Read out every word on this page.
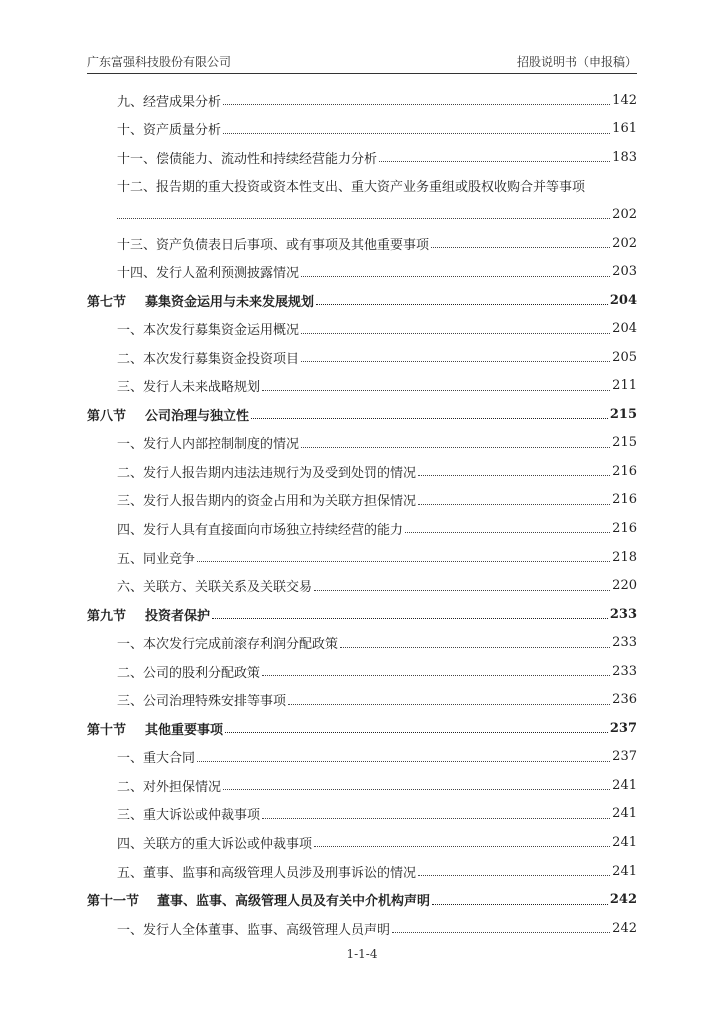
广东富强科技股份有限公司	招股说明书（申报稿）
九、经营成果分析	142
十、资产质量分析	161
十一、偿债能力、流动性和持续经营能力分析	183
十二、报告期的重大投资或资本性支出、重大资产业务重组或股权收购合并等事项
202
十三、资产负债表日后事项、或有事项及其他重要事项	202
十四、发行人盈利预测披露情况	203
第七节	募集资金运用与未来发展规划	204
一、本次发行募集资金运用概况	204
二、本次发行募集资金投资项目	205
三、发行人未来战略规划	211
第八节	公司治理与独立性	215
一、发行人内部控制制度的情况	215
二、发行人报告期内违法违规行为及受到处罚的情况	216
三、发行人报告期内的资金占用和为关联方担保情况	216
四、发行人具有直接面向市场独立持续经营的能力	216
五、同业竞争	218
六、关联方、关联关系及关联交易	220
第九节	投资者保护	233
一、本次发行完成前滚存利润分配政策	233
二、公司的股利分配政策	233
三、公司治理特殊安排等事项	236
第十节	其他重要事项	237
一、重大合同	237
二、对外担保情况	241
三、重大诉讼或仲裁事项	241
四、关联方的重大诉讼或仲裁事项	241
五、董事、监事和高级管理人员涉及刑事诉讼的情况	241
第十一节	董事、监事、高级管理人员及有关中介机构声明	242
一、发行人全体董事、监事、高级管理人员声明	242
1-1-4
